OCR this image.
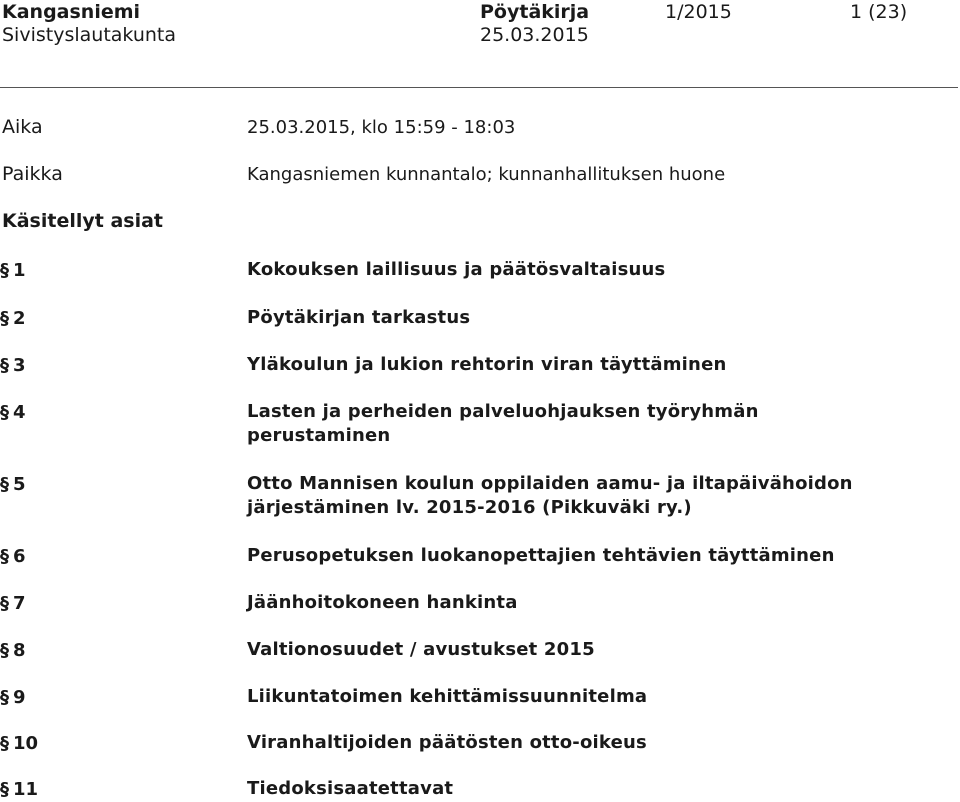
Kangasniemi
Sivistyslautakunta
Pöytäkirja
25.03.2015
1/2015	1 (23)
Aika	25.03.2015, klo 15:59 - 18:03
Paikka	Kangasniemen kunnantalo; kunnanhallituksen huone
Käsitellyt asiat
§ 1	Kokouksen laillisuus ja päätösvaltaisuus
§ 2	Pöytäkirjan tarkastus
§ 3	Yläkoulun ja lukion rehtorin viran täyttäminen
§ 4	Lasten ja perheiden palveluohjauksen työryhmän perustaminen
§ 5	Otto Mannisen koulun oppilaiden aamu- ja iltapäivähoidon järjestäminen lv. 2015-2016 (Pikkuväki ry.)
§ 6	Perusopetuksen luokanopettajien tehtävien täyttäminen
§ 7	Jäänhoitokoneen hankinta
§ 8	Valtionosuudet / avustukset 2015
§ 9	Liikuntatoimen kehittämissuunnitelma
§ 10	Viranhaltijoiden päätösten otto-oikeus
§ 11	Tiedoksisaatettavat
